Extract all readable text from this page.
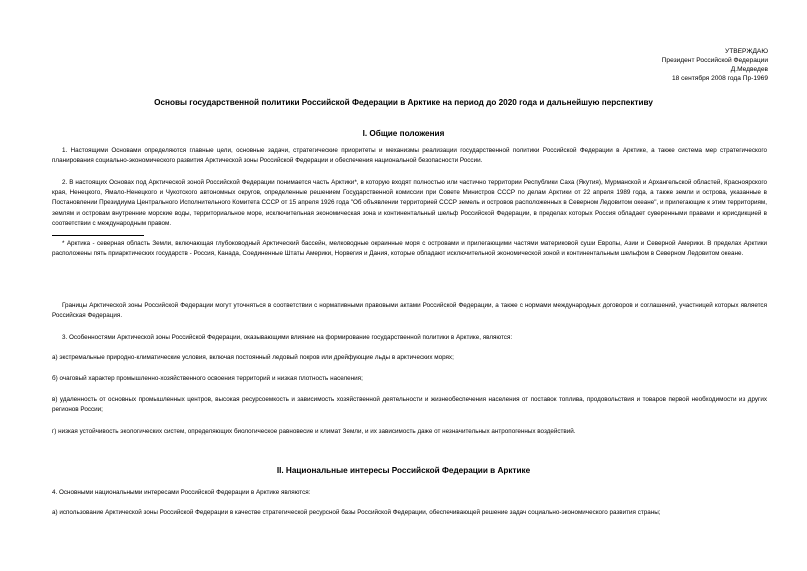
УТВЕРЖДАЮ
Президент Российской Федерации
Д.Медведев
18 сентября 2008 года Пр-1969
Основы государственной политики Российской Федерации в Арктике на период до 2020 года и дальнейшую перспективу
I. Общие положения
1. Настоящими Основами определяются главные цели, основные задачи, стратегические приоритеты и механизмы реализации государственной политики Российской Федерации в Арктике, а также система мер стратегического планирования социально-экономического развития Арктической зоны Российской Федерации и обеспечения национальной безопасности России.
2. В настоящих Основах под Арктической зоной Российской Федерации понимается часть Арктики*, в которую входят полностью или частично территории Республики Саха (Якутия), Мурманской и Архангельской областей, Красноярского края, Ненецкого, Ямало-Ненецкого и Чукотского автономных округов, определенные решением Государственной комиссии при Совете Министров СССР по делам Арктики от 22 апреля 1989 года, а также земли и острова, указанные в Постановлении Президиума Центрального Исполнительного Комитета СССР от 15 апреля 1926 года "Об объявлении территорией СССР земель и островов расположенных в Северном Ледовитом океане", и прилегающие к этим территориям, землям и островам внутренние морские воды, территориальное море, исключительная экономическая зона и континентальный шельф Российской Федерации, в пределах которых Россия обладает суверенными правами и юрисдикцией в соответствии с международным правом.
* Арктика - северная область Земли, включающая глубоководный Арктический бассейн, мелководные окраинные моря с островами и прилегающими частями материковой суши Европы, Азии и Северной Америки. В пределах Арктики расположены пять приарктических государств - Россия, Канада, Соединенные Штаты Америки, Норвегия и Дания, которые обладают исключительной экономической зоной и континентальным шельфом в Северном Ледовитом океане.
Границы Арктической зоны Российской Федерации могут уточняться в соответствии с нормативными правовыми актами Российской Федерации, а также с нормами международных договоров и соглашений, участницей которых является Российская Федерация.
3. Особенностями Арктической зоны Российской Федерации, оказывающими влияние на формирование государственной политики в Арктике, являются:
а) экстремальные природно-климатические условия, включая постоянный ледовый покров или дрейфующие льды в арктических морях;
б) очаговый характер промышленно-хозяйственного освоения территорий и низкая плотность населения;
в) удаленность от основных промышленных центров, высокая ресурсоемкость и зависимость хозяйственной деятельности и жизнеобеспечения населения от поставок топлива, продовольствия и товаров первой необходимости из других регионов России;
г) низкая устойчивость экологических систем, определяющих биологическое равновесие и климат Земли, и их зависимость даже от незначительных антропогенных воздействий.
II. Национальные интересы Российской Федерации в Арктике
4. Основными национальными интересами Российской Федерации в Арктике являются:
а) использование Арктической зоны Российской Федерации в качестве стратегической ресурсной базы Российской Федерации, обеспечивающей решение задач социально-экономического развития страны;
